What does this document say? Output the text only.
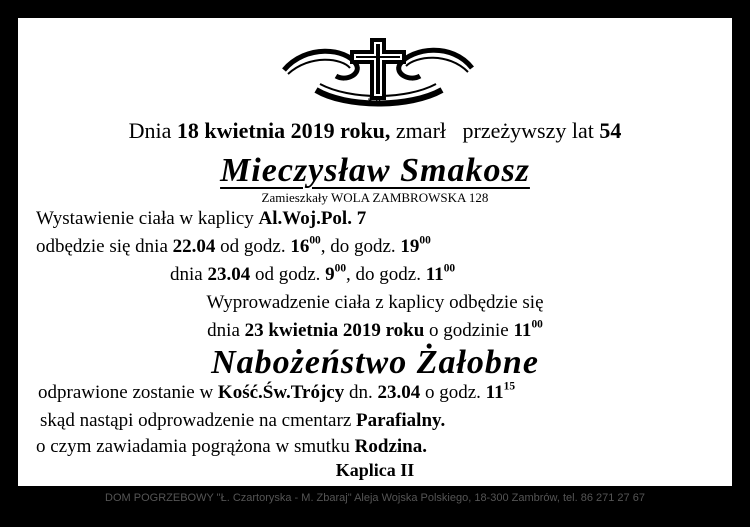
Ś.P.
Dnia 18 kwietnia 2019 roku, zmarł przeżywszy lat 54
Mieczysław Smakosz
Zamieszkały WOLA ZAMBROWSKA 128
Wystawienie ciała w kaplicy Al.Woj.Pol. 7
odbędzie się dnia 22.04 od godz. $16^{00}$, do godz. $19^{00}$
dnia 23.04 od godz. $9^{00}$, do godz. $11^{00}$
Wyprowadzenie ciała z kaplicy odbędzie się
dnia 23 kwietnia 2019 roku o godzinie $11^{00}$
Nabożeństwo Żałobne
odprawione zostanie w Kość.Św.Trójcy dn. 23.04 o godz. $11^{15}$
skąd nastąpi odprowadzenie na cmentarz Parafialny.
o czym zawiadamia pogrążona w smutku Rodzina.
Kaplica II
DOM POGRZEBOWY "Ł. Czartoryska - M. Zbaraj" Aleja Wojska Polskiego, 18-300 Zambrów, tel. 86 271 27 67
